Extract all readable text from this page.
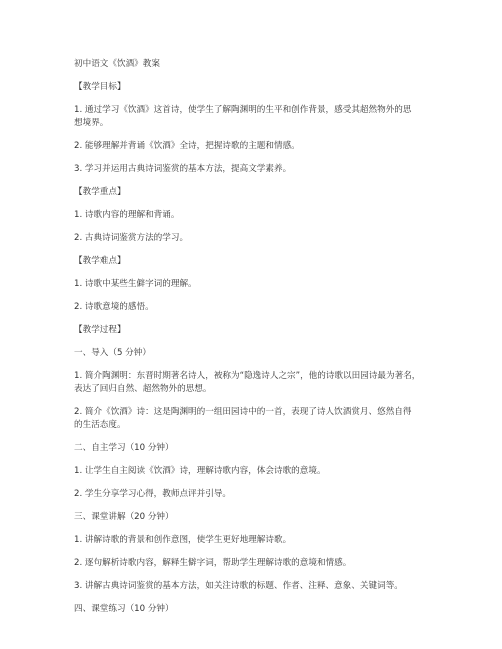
初中语文《饮酒》教案
【教学目标】
1. 通过学习《饮酒》这首诗，使学生了解陶渊明的生平和创作背景，感受其超然物外的思
想境界。
2. 能够理解并背诵《饮酒》全诗，把握诗歌的主题和情感。
3. 学习并运用古典诗词鉴赏的基本方法，提高文学素养。
【教学重点】
1. 诗歌内容的理解和背诵。
2. 古典诗词鉴赏方法的学习。
【教学难点】
1. 诗歌中某些生僻字词的理解。
2. 诗歌意境的感悟。
【教学过程】
一、导入（5 分钟）
1. 简介陶渊明：东晋时期著名诗人，被称为“隐逸诗人之宗”，他的诗歌以田园诗最为著名，
表达了回归自然、超然物外的思想。
2. 简介《饮酒》诗：这是陶渊明的一组田园诗中的一首，表现了诗人饮酒赏月、悠然自得
的生活态度。
二、自主学习（10 分钟）
1. 让学生自主阅读《饮酒》诗，理解诗歌内容，体会诗歌的意境。
2. 学生分享学习心得，教师点评并引导。
三、课堂讲解（20 分钟）
1. 讲解诗歌的背景和创作意图，使学生更好地理解诗歌。
2. 逐句解析诗歌内容，解释生僻字词，帮助学生理解诗歌的意境和情感。
3. 讲解古典诗词鉴赏的基本方法，如关注诗歌的标题、作者、注释、意象、关键词等。
四、课堂练习（10 分钟）
